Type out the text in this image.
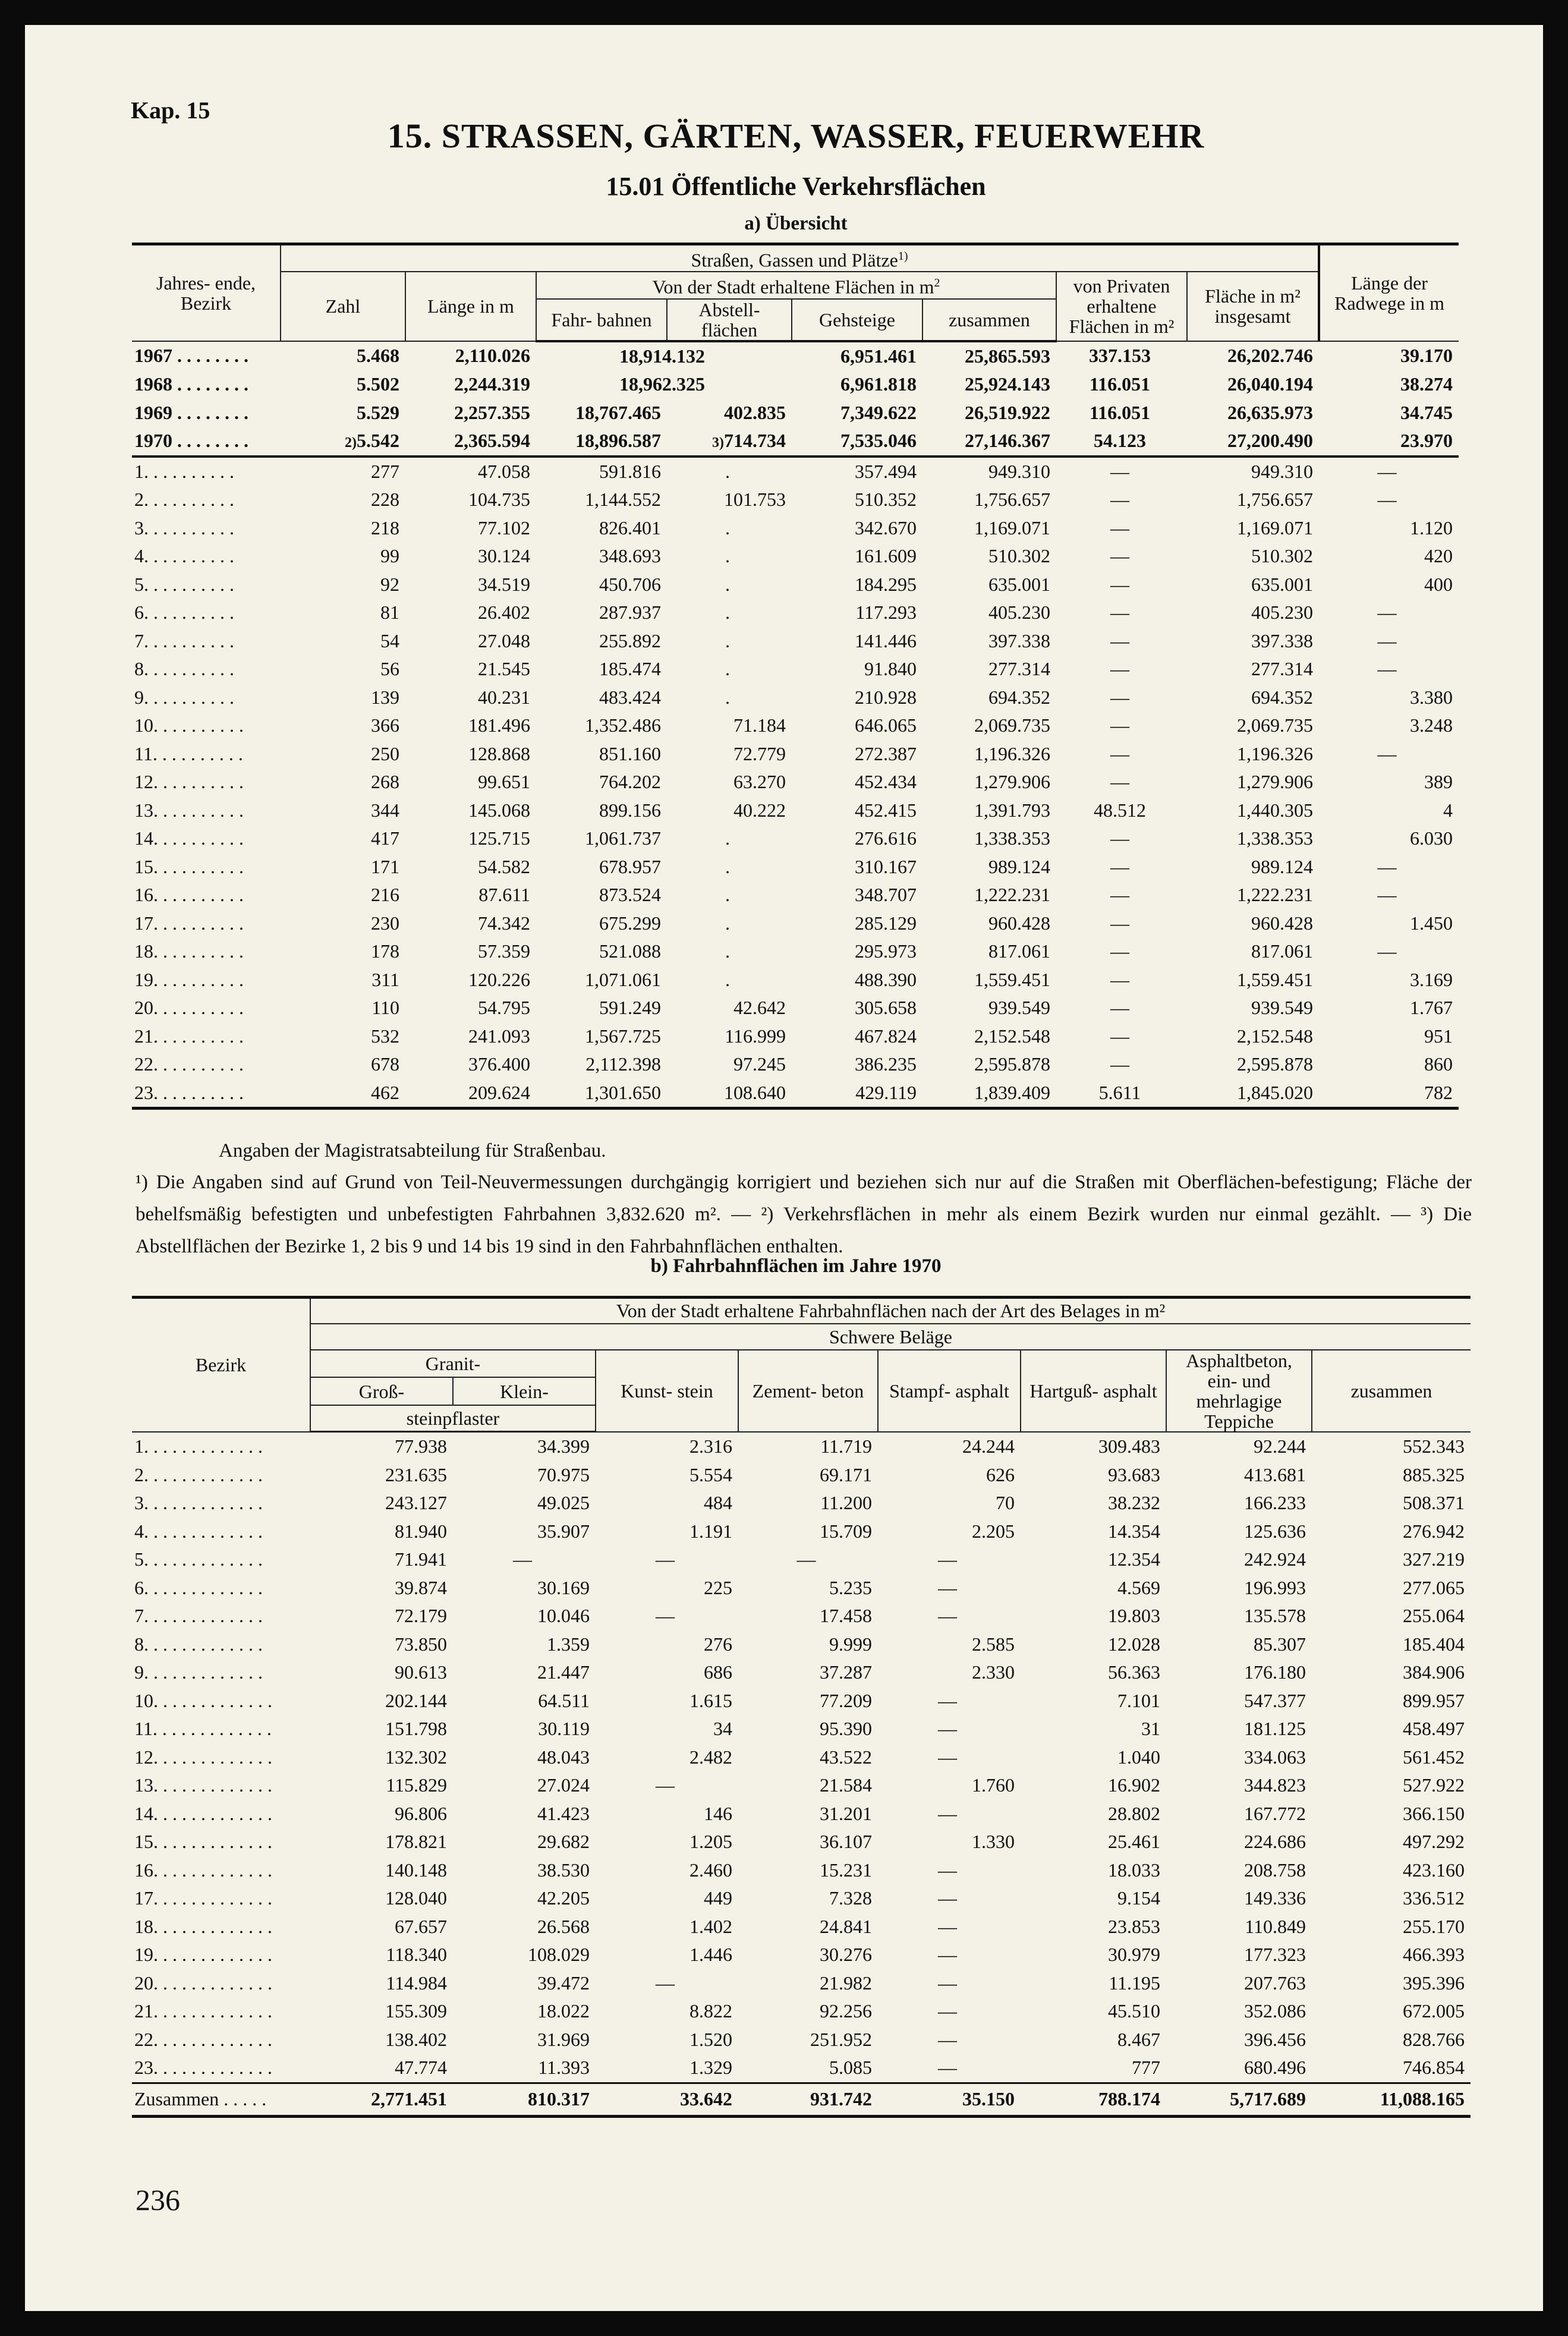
Kap. 15
15. STRASSEN, GÄRTEN, WASSER, FEUERWEHR
15.01 Öffentliche Verkehrsflächen
a) Übersicht
Jahres- ende, Bezirk	Straßen, Gassen und Plätze$^{1)}$								Länge der Radwege in m
	Zahl	Länge in m	Von der Stadt erhaltene Flächen in $m^2$				von Privaten erhaltene Flächen in m²	Fläche in m² insgesamt	
			Fahr- bahnen	Abstell- flächen	Gehsteige	zusammen			
1967 . . . . . . . .	5.468	2,110.026	18,914.132		6,951.461	25,865.593	337.153	26,202.746	39.170
1968 . . . . . . . .	5.502	2,244.319	18,962.325		6,961.818	25,924.143	116.051	26,040.194	38.274
1969 . . . . . . . .	5.529	2,257.355	18,767.465	402.835	7,349.622	26,519.922	116.051	26,635.973	34.745
1970 . . . . . . . .	2)5.542	2,365.594	18,896.587	3)714.734	7,535.046	27,146.367	54.123	27,200.490	23.970
1. . . . . . . . . .	277	47.058	591.816	.	357.494	949.310	—	949.310	—
2. . . . . . . . . .	228	104.735	1,144.552	101.753	510.352	1,756.657	—	1,756.657	—
3. . . . . . . . . .	218	77.102	826.401	.	342.670	1,169.071	—	1,169.071	1.120
4. . . . . . . . . .	99	30.124	348.693	.	161.609	510.302	—	510.302	420
5. . . . . . . . . .	92	34.519	450.706	.	184.295	635.001	—	635.001	400
6. . . . . . . . . .	81	26.402	287.937	.	117.293	405.230	—	405.230	—
7. . . . . . . . . .	54	27.048	255.892	.	141.446	397.338	—	397.338	—
8. . . . . . . . . .	56	21.545	185.474	.	91.840	277.314	—	277.314	—
9. . . . . . . . . .	139	40.231	483.424	.	210.928	694.352	—	694.352	3.380
10. . . . . . . . . .	366	181.496	1,352.486	71.184	646.065	2,069.735	—	2,069.735	3.248
11. . . . . . . . . .	250	128.868	851.160	72.779	272.387	1,196.326	—	1,196.326	—
12. . . . . . . . . .	268	99.651	764.202	63.270	452.434	1,279.906	—	1,279.906	389
13. . . . . . . . . .	344	145.068	899.156	40.222	452.415	1,391.793	48.512	1,440.305	4
14. . . . . . . . . .	417	125.715	1,061.737	.	276.616	1,338.353	—	1,338.353	6.030
15. . . . . . . . . .	171	54.582	678.957	.	310.167	989.124	—	989.124	—
16. . . . . . . . . .	216	87.611	873.524	.	348.707	1,222.231	—	1,222.231	—
17. . . . . . . . . .	230	74.342	675.299	.	285.129	960.428	—	960.428	1.450
18. . . . . . . . . .	178	57.359	521.088	.	295.973	817.061	—	817.061	—
19. . . . . . . . . .	311	120.226	1,071.061	.	488.390	1,559.451	—	1,559.451	3.169
20. . . . . . . . . .	110	54.795	591.249	42.642	305.658	939.549	—	939.549	1.767
21. . . . . . . . . .	532	241.093	1,567.725	116.999	467.824	2,152.548	—	2,152.548	951
22. . . . . . . . . .	678	376.400	2,112.398	97.245	386.235	2,595.878	—	2,595.878	860
23. . . . . . . . . .	462	209.624	1,301.650	108.640	429.119	1,839.409	5.611	1,845.020	782
Angaben der Magistratsabteilung für Straßenbau.
¹) Die Angaben sind auf Grund von Teil-Neuvermessungen durchgängig korrigiert und beziehen sich nur auf die Straßen mit Oberflächen-befestigung; Fläche der behelfsmäßig befestigten und unbefestigten Fahrbahnen 3,832.620 m². — ²) Verkehrsflächen in mehr als einem Bezirk wurden nur einmal gezählt. — ³) Die Abstellflächen der Bezirke 1, 2 bis 9 und 14 bis 19 sind in den Fahrbahnflächen enthalten.
b) Fahrbahnflächen im Jahre 1970
Bezirk	Von der Stadt erhaltene Fahrbahnflächen nach der Art des Belages in m²							
	Schwere Beläge							
	Granit-		Kunst- stein	Zement- beton	Stampf- asphalt	Hartguß- asphalt	Asphaltbeton, ein- und mehrlagige Teppiche	zusammen
	Groß-	Klein-						
	steinpflaster							
1. . . . . . . . . . . . .	77.938	34.399	2.316	11.719	24.244	309.483	92.244	552.343
2. . . . . . . . . . . . .	231.635	70.975	5.554	69.171	626	93.683	413.681	885.325
3. . . . . . . . . . . . .	243.127	49.025	484	11.200	70	38.232	166.233	508.371
4. . . . . . . . . . . . .	81.940	35.907	1.191	15.709	2.205	14.354	125.636	276.942
5. . . . . . . . . . . . .	71.941	—	—	—	—	12.354	242.924	327.219
6. . . . . . . . . . . . .	39.874	30.169	225	5.235	—	4.569	196.993	277.065
7. . . . . . . . . . . . .	72.179	10.046	—	17.458	—	19.803	135.578	255.064
8. . . . . . . . . . . . .	73.850	1.359	276	9.999	2.585	12.028	85.307	185.404
9. . . . . . . . . . . . .	90.613	21.447	686	37.287	2.330	56.363	176.180	384.906
10. . . . . . . . . . . . .	202.144	64.511	1.615	77.209	—	7.101	547.377	899.957
11. . . . . . . . . . . . .	151.798	30.119	34	95.390	—	31	181.125	458.497
12. . . . . . . . . . . . .	132.302	48.043	2.482	43.522	—	1.040	334.063	561.452
13. . . . . . . . . . . . .	115.829	27.024	—	21.584	1.760	16.902	344.823	527.922
14. . . . . . . . . . . . .	96.806	41.423	146	31.201	—	28.802	167.772	366.150
15. . . . . . . . . . . . .	178.821	29.682	1.205	36.107	1.330	25.461	224.686	497.292
16. . . . . . . . . . . . .	140.148	38.530	2.460	15.231	—	18.033	208.758	423.160
17. . . . . . . . . . . . .	128.040	42.205	449	7.328	—	9.154	149.336	336.512
18. . . . . . . . . . . . .	67.657	26.568	1.402	24.841	—	23.853	110.849	255.170
19. . . . . . . . . . . . .	118.340	108.029	1.446	30.276	—	30.979	177.323	466.393
20. . . . . . . . . . . . .	114.984	39.472	—	21.982	—	11.195	207.763	395.396
21. . . . . . . . . . . . .	155.309	18.022	8.822	92.256	—	45.510	352.086	672.005
22. . . . . . . . . . . . .	138.402	31.969	1.520	251.952	—	8.467	396.456	828.766
23. . . . . . . . . . . . .	47.774	11.393	1.329	5.085	—	777	680.496	746.854
Zusammen . . . . .	2,771.451	810.317	33.642	931.742	35.150	788.174	5,717.689	11,088.165
236
